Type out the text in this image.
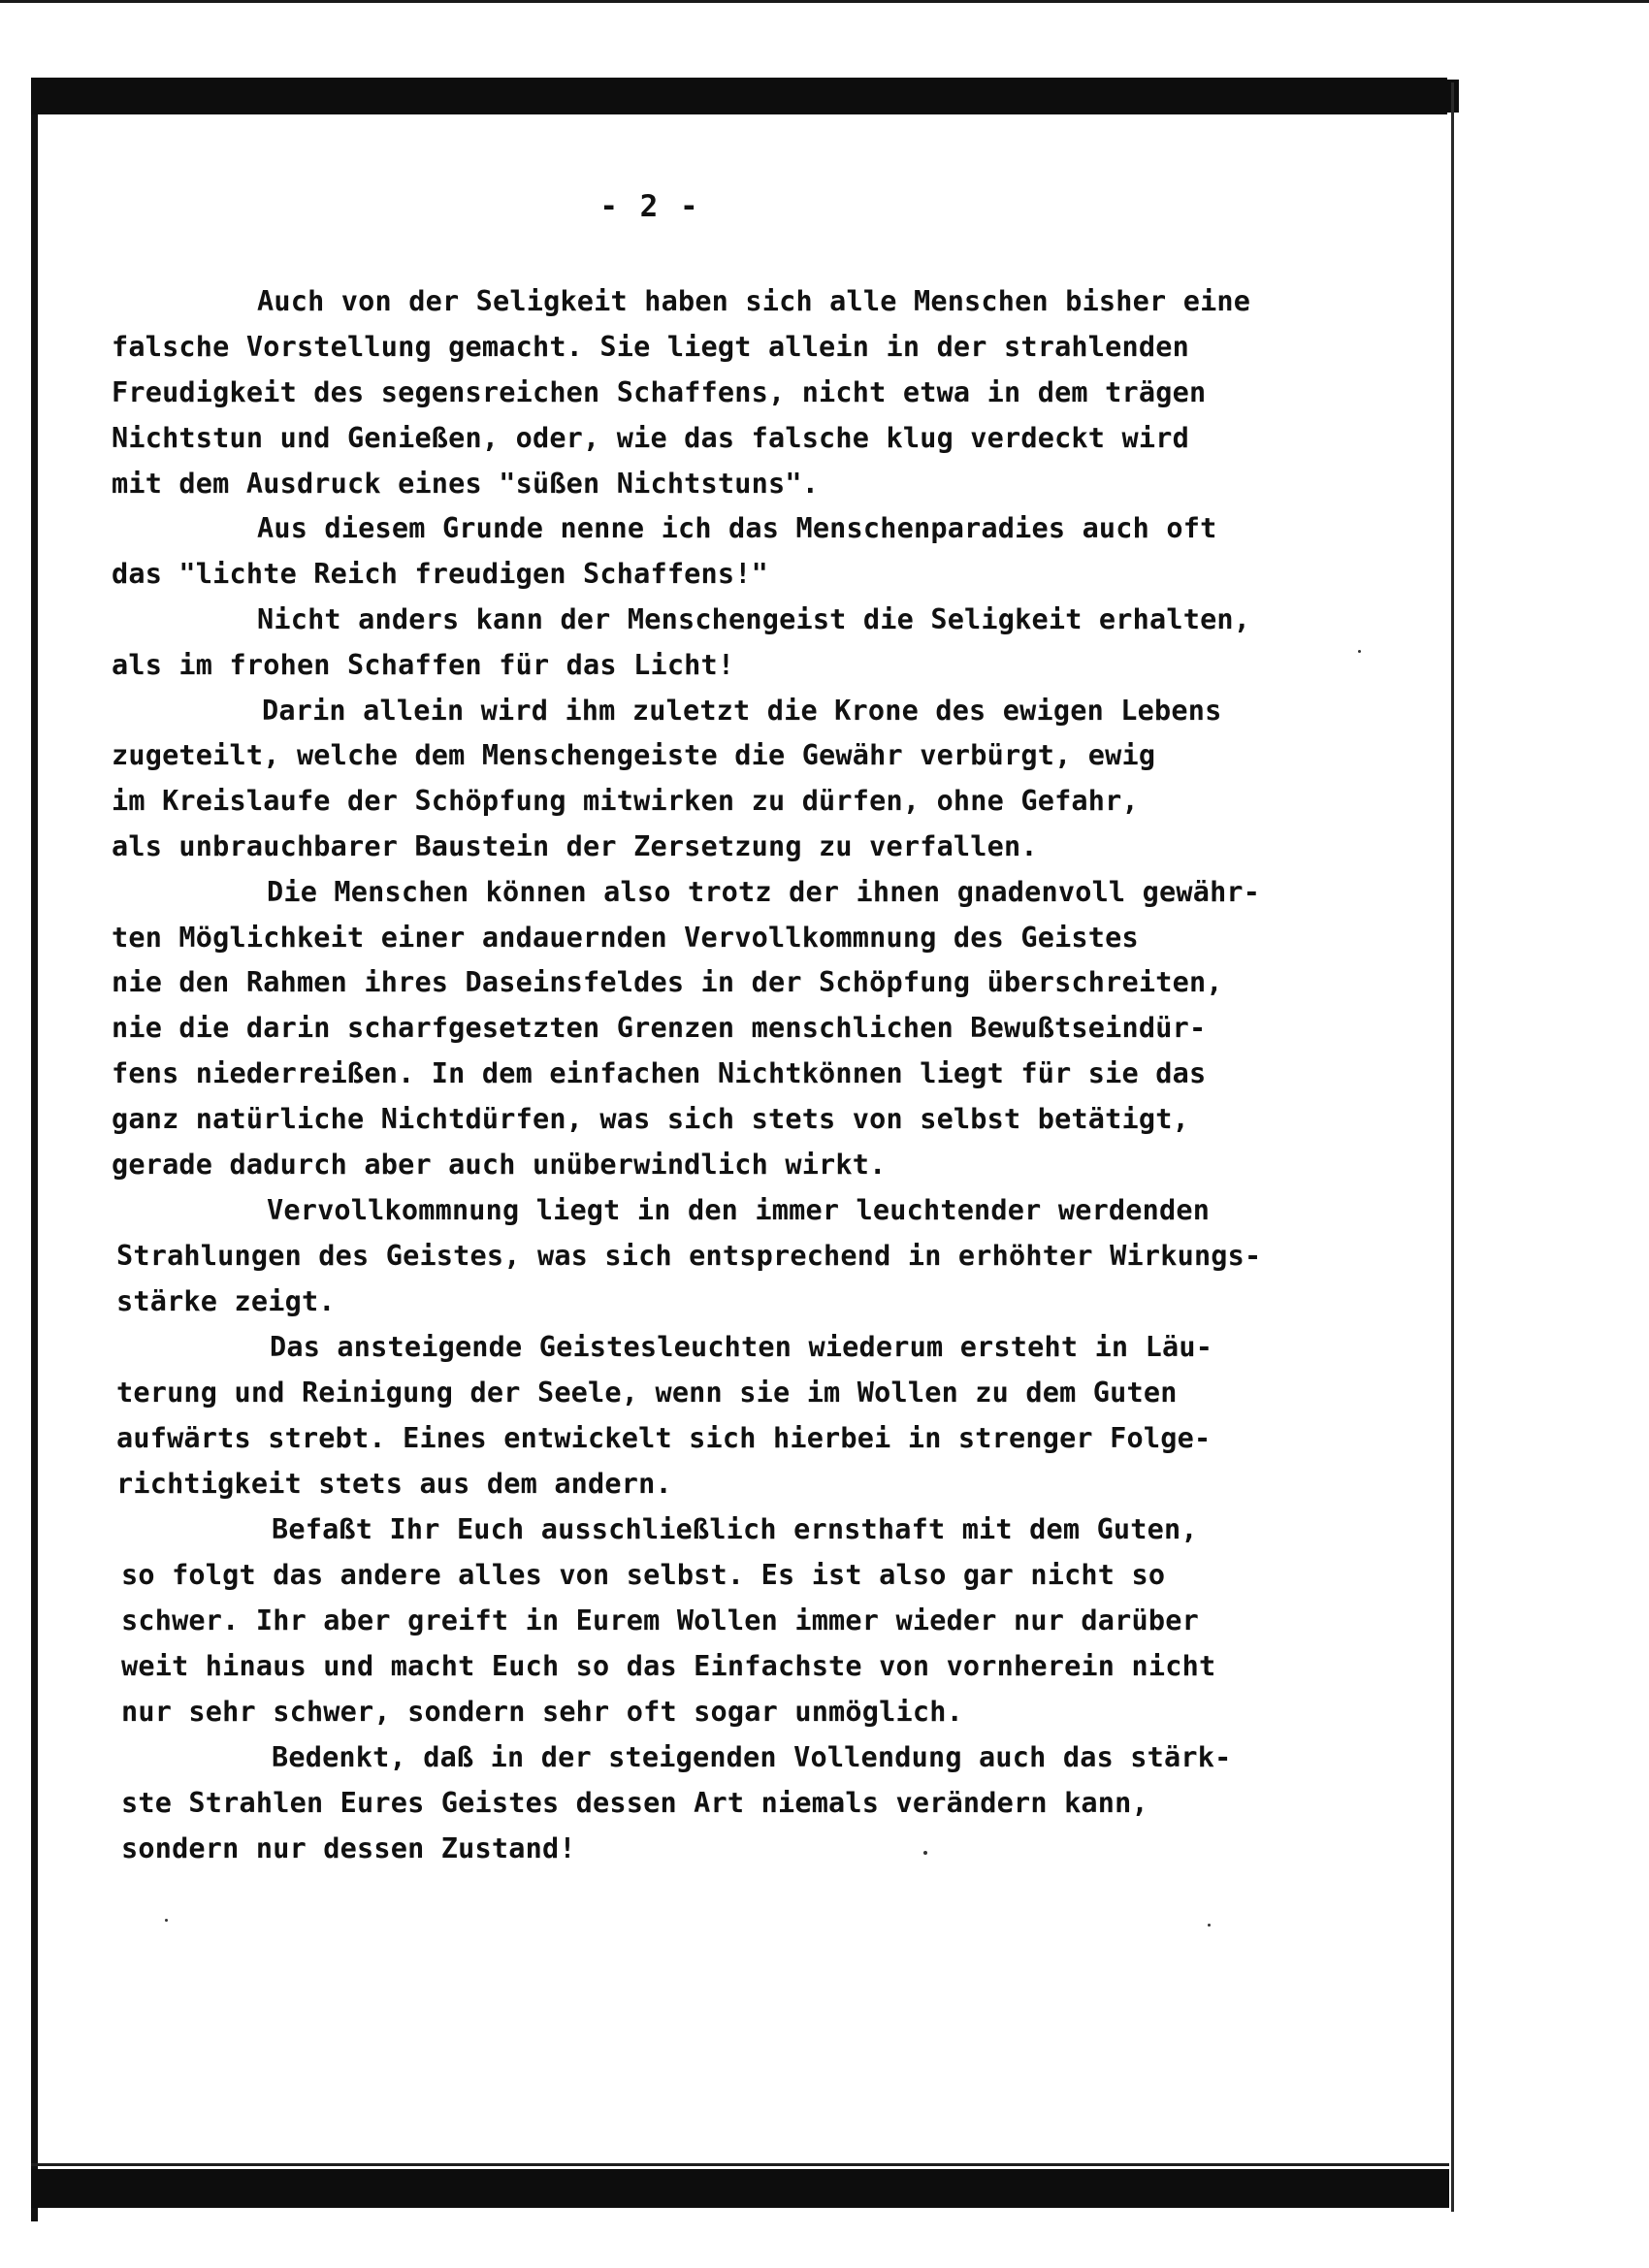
- 2 -
Auch von der Seligkeit haben sich alle Menschen bisher eine
falsche Vorstellung gemacht. Sie liegt allein in der strahlenden
Freudigkeit des segensreichen Schaffens, nicht etwa in dem trägen
Nichtstun und Genießen, oder, wie das falsche klug verdeckt wird
mit dem Ausdruck eines "süßen Nichtstuns".
Aus diesem Grunde nenne ich das Menschenparadies auch oft
das "lichte Reich freudigen Schaffens!"
Nicht anders kann der Menschengeist die Seligkeit erhalten,
als im frohen Schaffen für das Licht!
Darin allein wird ihm zuletzt die Krone des ewigen Lebens
zugeteilt, welche dem Menschengeiste die Gewähr verbürgt, ewig
im Kreislaufe der Schöpfung mitwirken zu dürfen, ohne Gefahr,
als unbrauchbarer Baustein der Zersetzung zu verfallen.
Die Menschen können also trotz der ihnen gnadenvoll gewähr-
ten Möglichkeit einer andauernden Vervollkommnung des Geistes
nie den Rahmen ihres Daseinsfeldes in der Schöpfung überschreiten,
nie die darin scharfgesetzten Grenzen menschlichen Bewußtseindür-
fens niederreißen. In dem einfachen Nichtkönnen liegt für sie das
ganz natürliche Nichtdürfen, was sich stets von selbst betätigt,
gerade dadurch aber auch unüberwindlich wirkt.
Vervollkommnung liegt in den immer leuchtender werdenden
Strahlungen des Geistes, was sich entsprechend in erhöhter Wirkungs-
stärke zeigt.
Das ansteigende Geistesleuchten wiederum ersteht in Läu-
terung und Reinigung der Seele, wenn sie im Wollen zu dem Guten
aufwärts strebt. Eines entwickelt sich hierbei in strenger Folge-
richtigkeit stets aus dem andern.
Befaßt Ihr Euch ausschließlich ernsthaft mit dem Guten,
so folgt das andere alles von selbst. Es ist also gar nicht so
schwer. Ihr aber greift in Eurem Wollen immer wieder nur darüber
weit hinaus und macht Euch so das Einfachste von vornherein nicht
nur sehr schwer, sondern sehr oft sogar unmöglich.
Bedenkt, daß in der steigenden Vollendung auch das stärk-
ste Strahlen Eures Geistes dessen Art niemals verändern kann,
sondern nur dessen Zustand!
